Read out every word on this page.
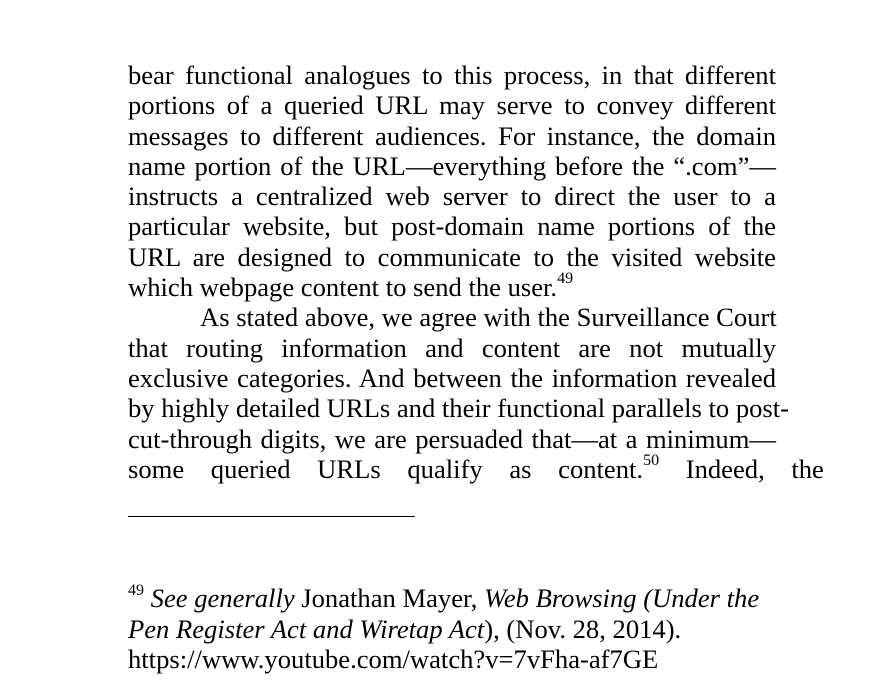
bear functional analogues to this process, in that different
portions of a queried URL may serve to convey different
messages to different audiences. For instance, the domain
name portion of the URL—everything before the “.com”—
instructs a centralized web server to direct the user to a
particular website, but post-domain name portions of the
URL are designed to communicate to the visited website
which webpage content to send the user.$^{49}$
As stated above, we agree with the Surveillance Court
that routing information and content are not mutually
exclusive categories. And between the information revealed
by highly detailed URLs and their functional parallels to post-
cut-through digits, we are persuaded that—at a minimum—
some queried URLs qualify as content.$^{50}$ Indeed, the
$^{49}$ See generally Jonathan Mayer, Web Browsing (Under the
Pen Register Act and Wiretap Act), (Nov. 28, 2014).
https://www.youtube.com/watch?v=7vFha-af7GE
